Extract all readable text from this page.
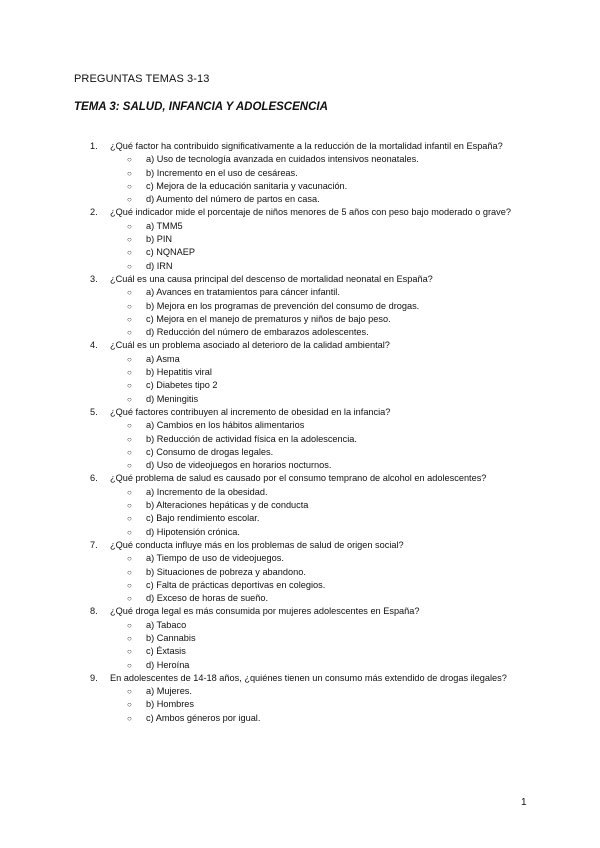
PREGUNTAS TEMAS 3-13
TEMA 3: SALUD, INFANCIA Y ADOLESCENCIA
1. ¿Qué factor ha contribuido significativamente a la reducción de la mortalidad infantil en España?
○ a) Uso de tecnología avanzada en cuidados intensivos neonatales.
○ b) Incremento en el uso de cesáreas.
○ c) Mejora de la educación sanitaria y vacunación.
○ d) Aumento del número de partos en casa.
2. ¿Qué indicador mide el porcentaje de niños menores de 5 años con peso bajo moderado o grave?
○ a) TMM5
○ b) PIN
○ c) NQNAEP
○ d) IRN
3. ¿Cuál es una causa principal del descenso de mortalidad neonatal en España?
○ a) Avances en tratamientos para cáncer infantil.
○ b) Mejora en los programas de prevención del consumo de drogas.
○ c) Mejora en el manejo de prematuros y niños de bajo peso.
○ d) Reducción del número de embarazos adolescentes.
4. ¿Cuál es un problema asociado al deterioro de la calidad ambiental?
○ a) Asma
○ b) Hepatitis viral
○ c) Diabetes tipo 2
○ d) Meningitis
5. ¿Qué factores contribuyen al incremento de obesidad en la infancia?
○ a) Cambios en los hábitos alimentarios
○ b) Reducción de actividad física en la adolescencia.
○ c) Consumo de drogas legales.
○ d) Uso de videojuegos en horarios nocturnos.
6. ¿Qué problema de salud es causado por el consumo temprano de alcohol en adolescentes?
○ a) Incremento de la obesidad.
○ b) Alteraciones hepáticas y de conducta
○ c) Bajo rendimiento escolar.
○ d) Hipotensión crónica.
7. ¿Qué conducta influye más en los problemas de salud de origen social?
○ a) Tiempo de uso de videojuegos.
○ b) Situaciones de pobreza y abandono.
○ c) Falta de prácticas deportivas en colegios.
○ d) Exceso de horas de sueño.
8. ¿Qué droga legal es más consumida por mujeres adolescentes en España?
○ a) Tabaco
○ b) Cannabis
○ c) Éxtasis
○ d) Heroína
9. En adolescentes de 14-18 años, ¿quiénes tienen un consumo más extendido de drogas ilegales?
○ a) Mujeres.
○ b) Hombres
○ c) Ambos géneros por igual.
1
